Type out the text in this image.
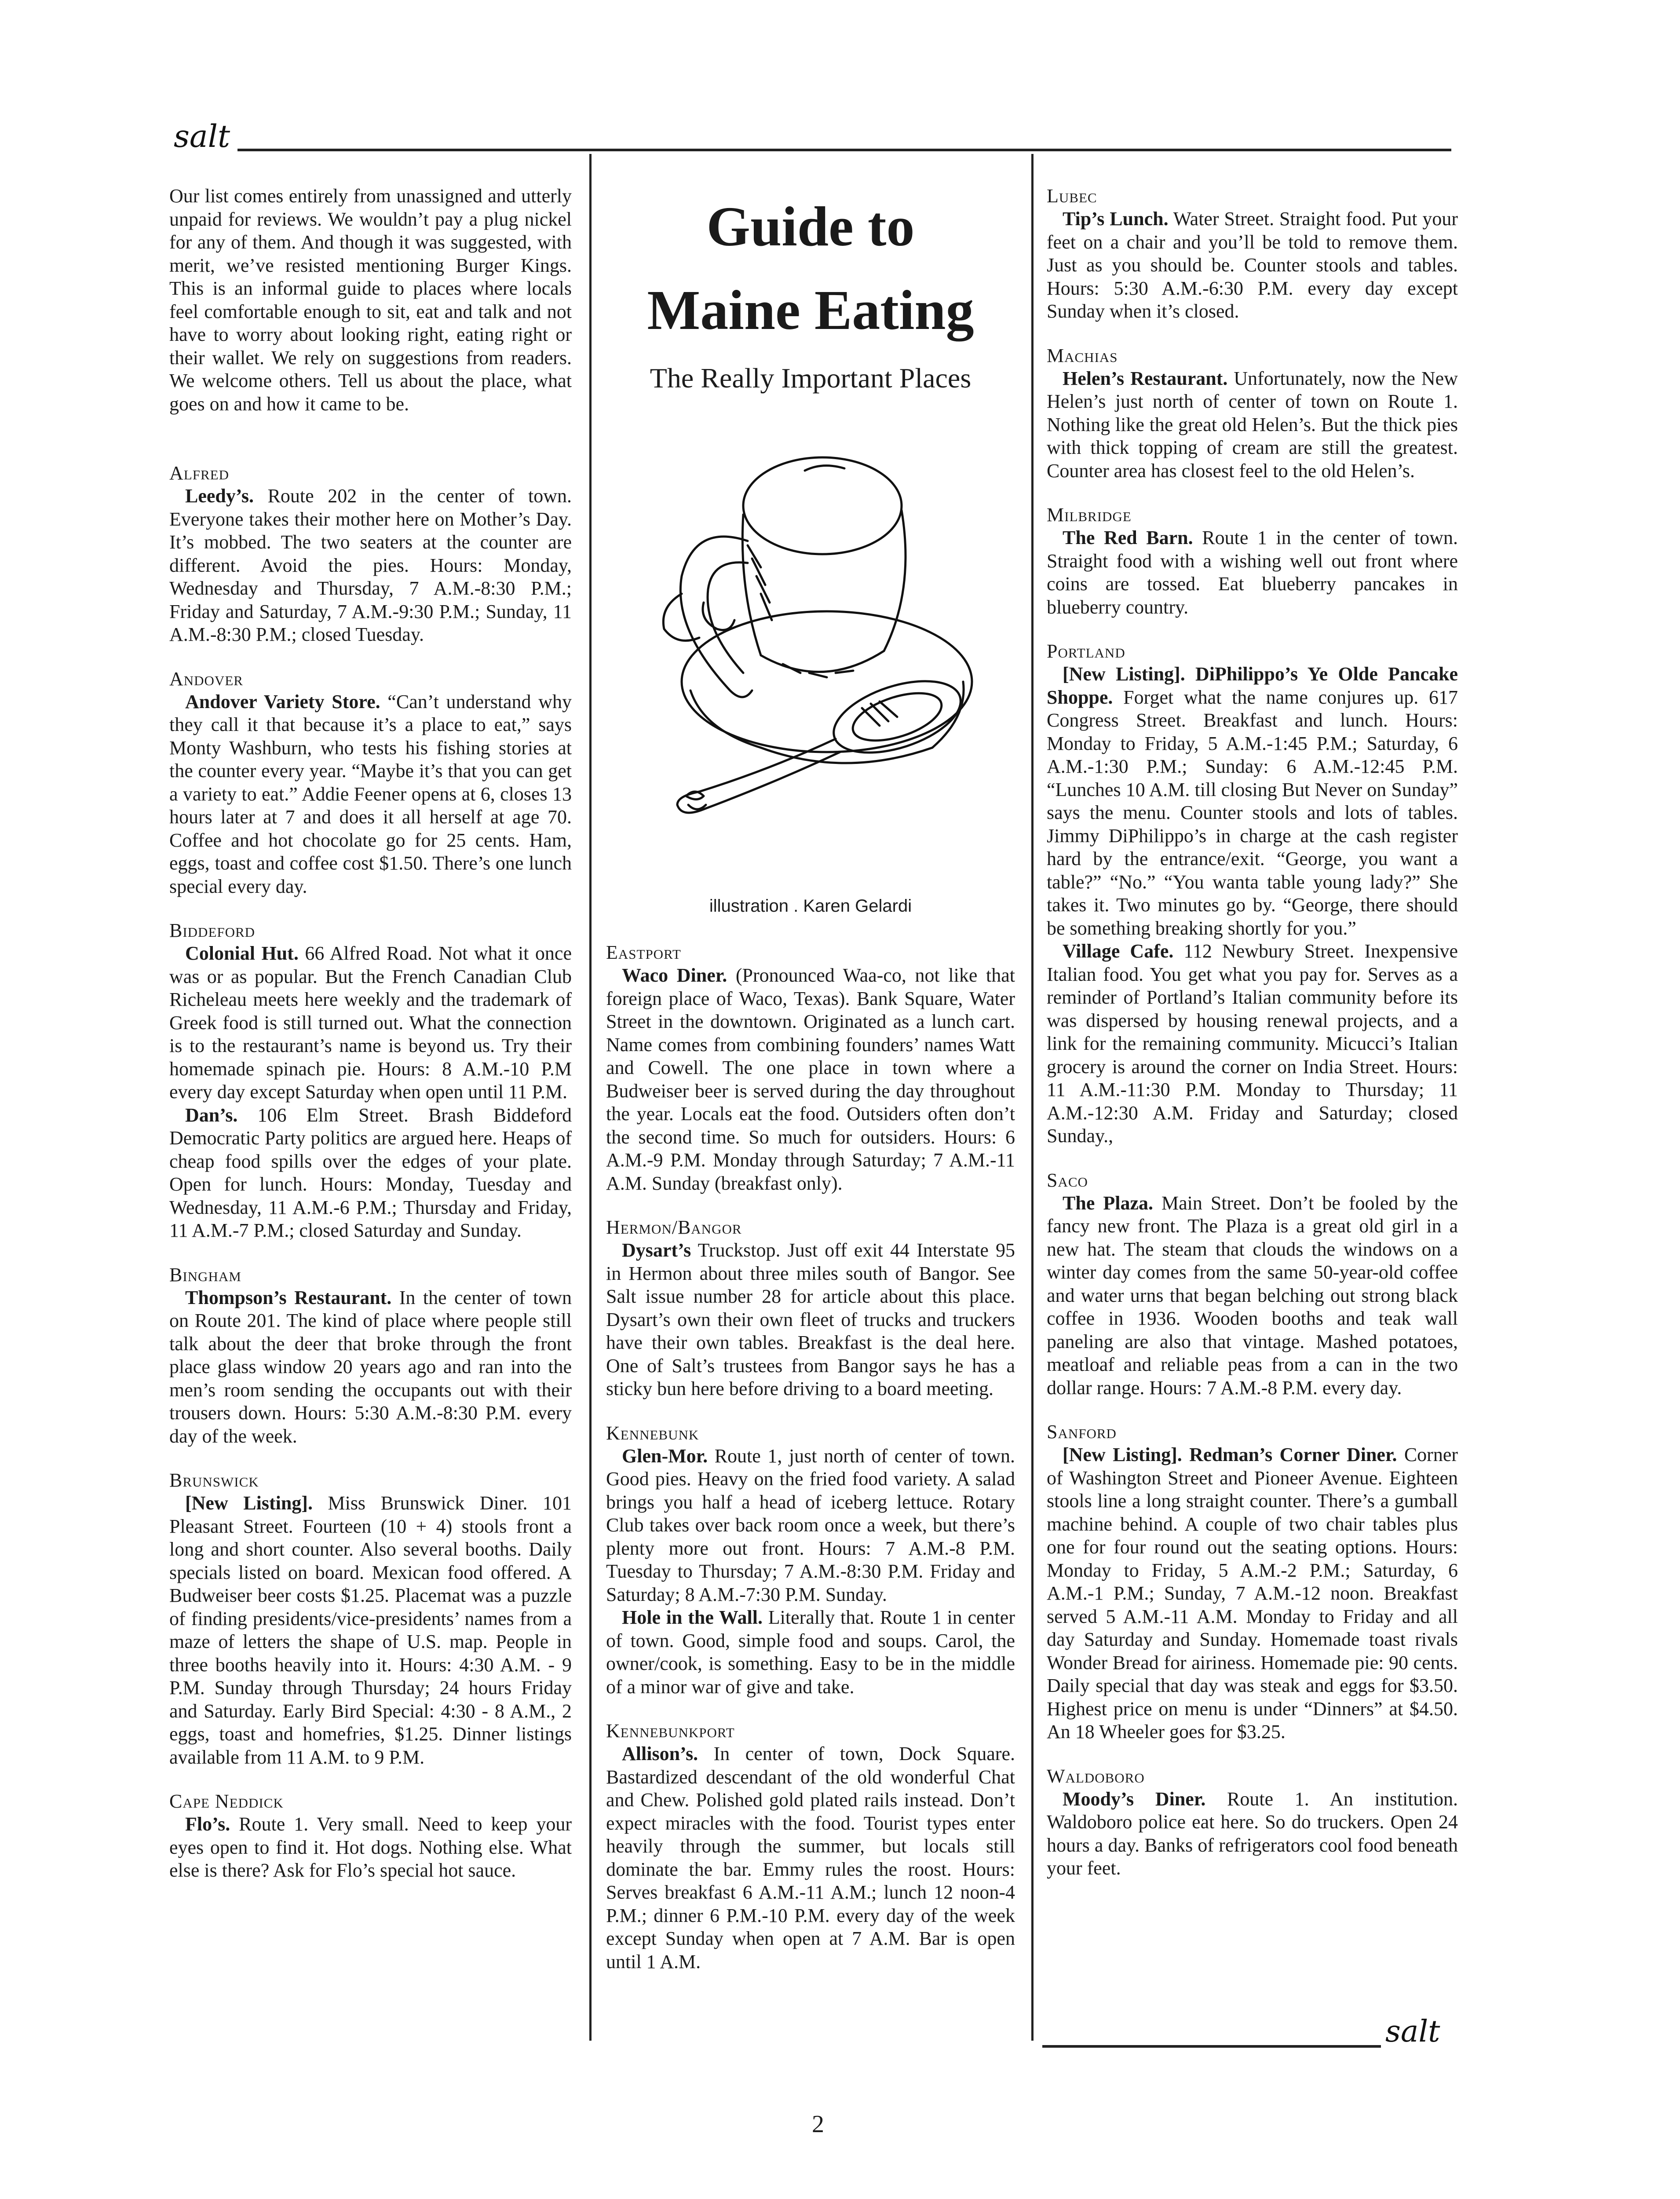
salt

Our list comes entirely from unassigned and utterly unpaid for reviews. We wouldn’t pay a plug nickel for any of them. And though it was suggested, with merit, we’ve resisted mentioning Burger Kings. This is an informal guide to places where locals feel comfortable enough to sit, eat and talk and not have to worry about looking right, eating right or their wallet. We rely on suggestions from readers. We welcome others. Tell us about the place, what goes on and how it came to be.

Alfred

Leedy’s. Route 202 in the center of town. Everyone takes their mother here on Mother’s Day. It’s mobbed. The two seaters at the counter are different. Avoid the pies. Hours: Monday, Wednesday and Thursday, 7 A.M.-8:30 P.M.; Friday and Saturday, 7 A.M.-9:30 P.M.; Sunday, 11 A.M.-8:30 P.M.; closed Tuesday.

Andover

Andover Variety Store. “Can’t understand why they call it that because it’s a place to eat,” says Monty Washburn, who tests his fishing stories at the counter every year. “Maybe it’s that you can get a variety to eat.” Addie Feener opens at 6, closes 13 hours later at 7 and does it all herself at age 70. Coffee and hot chocolate go for 25 cents. Ham, eggs, toast and coffee cost $1.50. There’s one lunch special every day.

Biddeford

Colonial Hut. 66 Alfred Road. Not what it once was or as popular. But the French Canadian Club Richeleau meets here weekly and the trademark of Greek food is still turned out. What the connection is to the restaurant’s name is beyond us. Try their homemade spinach pie. Hours: 8 A.M.-10 P.M every day except Saturday when open until 11 P.M.

Dan’s. 106 Elm Street. Brash Biddeford Democratic Party politics are argued here. Heaps of cheap food spills over the edges of your plate. Open for lunch. Hours: Monday, Tuesday and Wednesday, 11 A.M.-6 P.M.; Thursday and Friday, 11 A.M.-7 P.M.; closed Saturday and Sunday.

Bingham

Thompson’s Restaurant. In the center of town on Route 201. The kind of place where people still talk about the deer that broke through the front place glass window 20 years ago and ran into the men’s room sending the occupants out with their trousers down. Hours: 5:30 A.M.-8:30 P.M. every day of the week.

Brunswick

[New Listing]. Miss Brunswick Diner. 101 Pleasant Street. Fourteen (10 + 4) stools front a long and short counter. Also several booths. Daily specials listed on board. Mexican food offered. A Budweiser beer costs $1.25. Placemat was a puzzle of finding presidents/vice-presidents’ names from a maze of letters the shape of U.S. map. People in three booths heavily into it. Hours: 4:30 A.M. - 9 P.M. Sunday through Thursday; 24 hours Friday and Saturday. Early Bird Special: 4:30 - 8 A.M., 2 eggs, toast and homefries, $1.25. Dinner listings available from 11 A.M. to 9 P.M.

Cape Neddick

Flo’s. Route 1. Very small. Need to keep your eyes open to find it. Hot dogs. Nothing else. What else is there? Ask for Flo’s special hot sauce.

Guide to
Maine Eating
The Really Important Places
illustration . Karen Gelardi

Eastport

Waco Diner. (Pronounced Waa-co, not like that foreign place of Waco, Texas). Bank Square, Water Street in the downtown. Originated as a lunch cart. Name comes from combining founders’ names Watt and Cowell. The one place in town where a Budweiser beer is served during the day throughout the year. Locals eat the food. Outsiders often don’t the second time. So much for outsiders. Hours: 6 A.M.-9 P.M. Monday through Saturday; 7 A.M.-11 A.M. Sunday (breakfast only).

Hermon/Bangor

Dysart’s Truckstop. Just off exit 44 Interstate 95 in Hermon about three miles south of Bangor. See Salt issue number 28 for article about this place. Dysart’s own their own fleet of trucks and truckers have their own tables. Breakfast is the deal here. One of Salt’s trustees from Bangor says he has a sticky bun here before driving to a board meeting.

Kennebunk

Glen-Mor. Route 1, just north of center of town. Good pies. Heavy on the fried food variety. A salad brings you half a head of iceberg lettuce. Rotary Club takes over back room once a week, but there’s plenty more out front. Hours: 7 A.M.-8 P.M. Tuesday to Thursday; 7 A.M.-8:30 P.M. Friday and Saturday; 8 A.M.-7:30 P.M. Sunday.

Hole in the Wall. Literally that. Route 1 in center of town. Good, simple food and soups. Carol, the owner/cook, is something. Easy to be in the middle of a minor war of give and take.

Kennebunkport

Allison’s. In center of town, Dock Square. Bastardized descendant of the old wonderful Chat and Chew. Polished gold plated rails instead. Don’t expect miracles with the food. Tourist types enter heavily through the summer, but locals still dominate the bar. Emmy rules the roost. Hours: Serves breakfast 6 A.M.-11 A.M.; lunch 12 noon-4 P.M.; dinner 6 P.M.-10 P.M. every day of the week except Sunday when open at 7 A.M. Bar is open until 1 A.M.

Lubec

Tip’s Lunch. Water Street. Straight food. Put your feet on a chair and you’ll be told to remove them. Just as you should be. Counter stools and tables. Hours: 5:30 A.M.-6:30 P.M. every day except Sunday when it’s closed.

Machias

Helen’s Restaurant. Unfortunately, now the New Helen’s just north of center of town on Route 1. Nothing like the great old Helen’s. But the thick pies with thick topping of cream are still the greatest. Counter area has closest feel to the old Helen’s.

Milbridge

The Red Barn. Route 1 in the center of town. Straight food with a wishing well out front where coins are tossed. Eat blueberry pancakes in blueberry country.

Portland

[New Listing]. DiPhilippo’s Ye Olde Pancake Shoppe. Forget what the name conjures up. 617 Congress Street. Breakfast and lunch. Hours: Monday to Friday, 5 A.M.-1:45 P.M.; Saturday, 6 A.M.-1:30 P.M.; Sunday: 6 A.M.-12:45 P.M. “Lunches 10 A.M. till closing But Never on Sunday” says the menu. Counter stools and lots of tables. Jimmy DiPhilippo’s in charge at the cash register hard by the entrance/exit. “George, you want a table?” “No.” “You wanta table young lady?” She takes it. Two minutes go by. “George, there should be something breaking shortly for you.”

Village Cafe. 112 Newbury Street. Inexpensive Italian food. You get what you pay for. Serves as a reminder of Portland’s Italian community before its was dispersed by housing renewal projects, and a link for the remaining community. Micucci’s Italian grocery is around the corner on India Street. Hours: 11 A.M.-11:30 P.M. Monday to Thursday; 11 A.M.-12:30 A.M. Friday and Saturday; closed Sunday.,

Saco

The Plaza. Main Street. Don’t be fooled by the fancy new front. The Plaza is a great old girl in a new hat. The steam that clouds the windows on a winter day comes from the same 50-year-old coffee and water urns that began belching out strong black coffee in 1936. Wooden booths and teak wall paneling are also that vintage. Mashed potatoes, meatloaf and reliable peas from a can in the two dollar range. Hours: 7 A.M.-8 P.M. every day.

Sanford

[New Listing]. Redman’s Corner Diner. Corner of Washington Street and Pioneer Avenue. Eighteen stools line a long straight counter. There’s a gumball machine behind. A couple of two chair tables plus one for four round out the seating options. Hours: Monday to Friday, 5 A.M.-2 P.M.; Saturday, 6 A.M.-1 P.M.; Sunday, 7 A.M.-12 noon. Breakfast served 5 A.M.-11 A.M. Monday to Friday and all day Saturday and Sunday. Homemade toast rivals Wonder Bread for airiness. Homemade pie: 90 cents. Daily special that day was steak and eggs for $3.50. Highest price on menu is under “Dinners” at $4.50. An 18 Wheeler goes for $3.25.

Waldoboro

Moody’s Diner. Route 1. An institution. Waldoboro police eat here. So do truckers. Open 24 hours a day. Banks of refrigerators cool food beneath your feet.

salt
2
